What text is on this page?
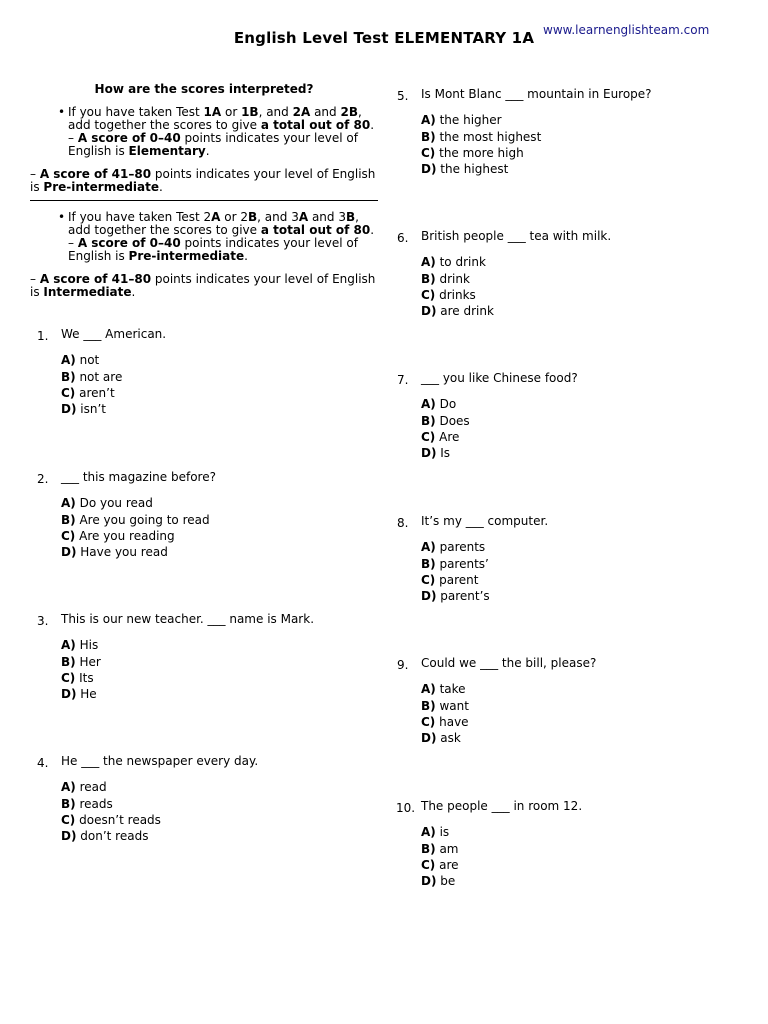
English Level Test ELEMENTARY 1A www.learnenglishteam.com

How are the scores interpreted?

• If you have taken Test 1A or 1B, and 2A and 2B, add together the scores to give a total out of 80. – A score of 0–40 points indicates your level of English is Elementary.

– A score of 41–80 points indicates your level of English is Pre-intermediate.

• If you have taken Test 2A or 2B, and 3A and 3B, add together the scores to give a total out of 80. – A score of 0–40 points indicates your level of English is Pre-intermediate.

– A score of 41–80 points indicates your level of English is Intermediate.

1. We ___ American.
A) not
B) not are
C) aren’t
D) isn’t
2. ___ this magazine before?
A) Do you read
B) Are you going to read
C) Are you reading
D) Have you read
3. This is our new teacher. ___ name is Mark.
A) His
B) Her
C) Its
D) He
4. He ___ the newspaper every day.
A) read
B) reads
C) doesn’t reads
D) don’t reads
5. Is Mont Blanc ___ mountain in Europe?
A) the higher
B) the most highest
C) the more high
D) the highest
6. British people ___ tea with milk.
A) to drink
B) drink
C) drinks
D) are drink
7. ___ you like Chinese food?
A) Do
B) Does
C) Are
D) Is
8. It’s my ___ computer.
A) parents
B) parents’
C) parent
D) parent’s
9. Could we ___ the bill, please?
A) take
B) want
C) have
D) ask
10. The people ___ in room 12.
A) is
B) am
C) are
D) be
